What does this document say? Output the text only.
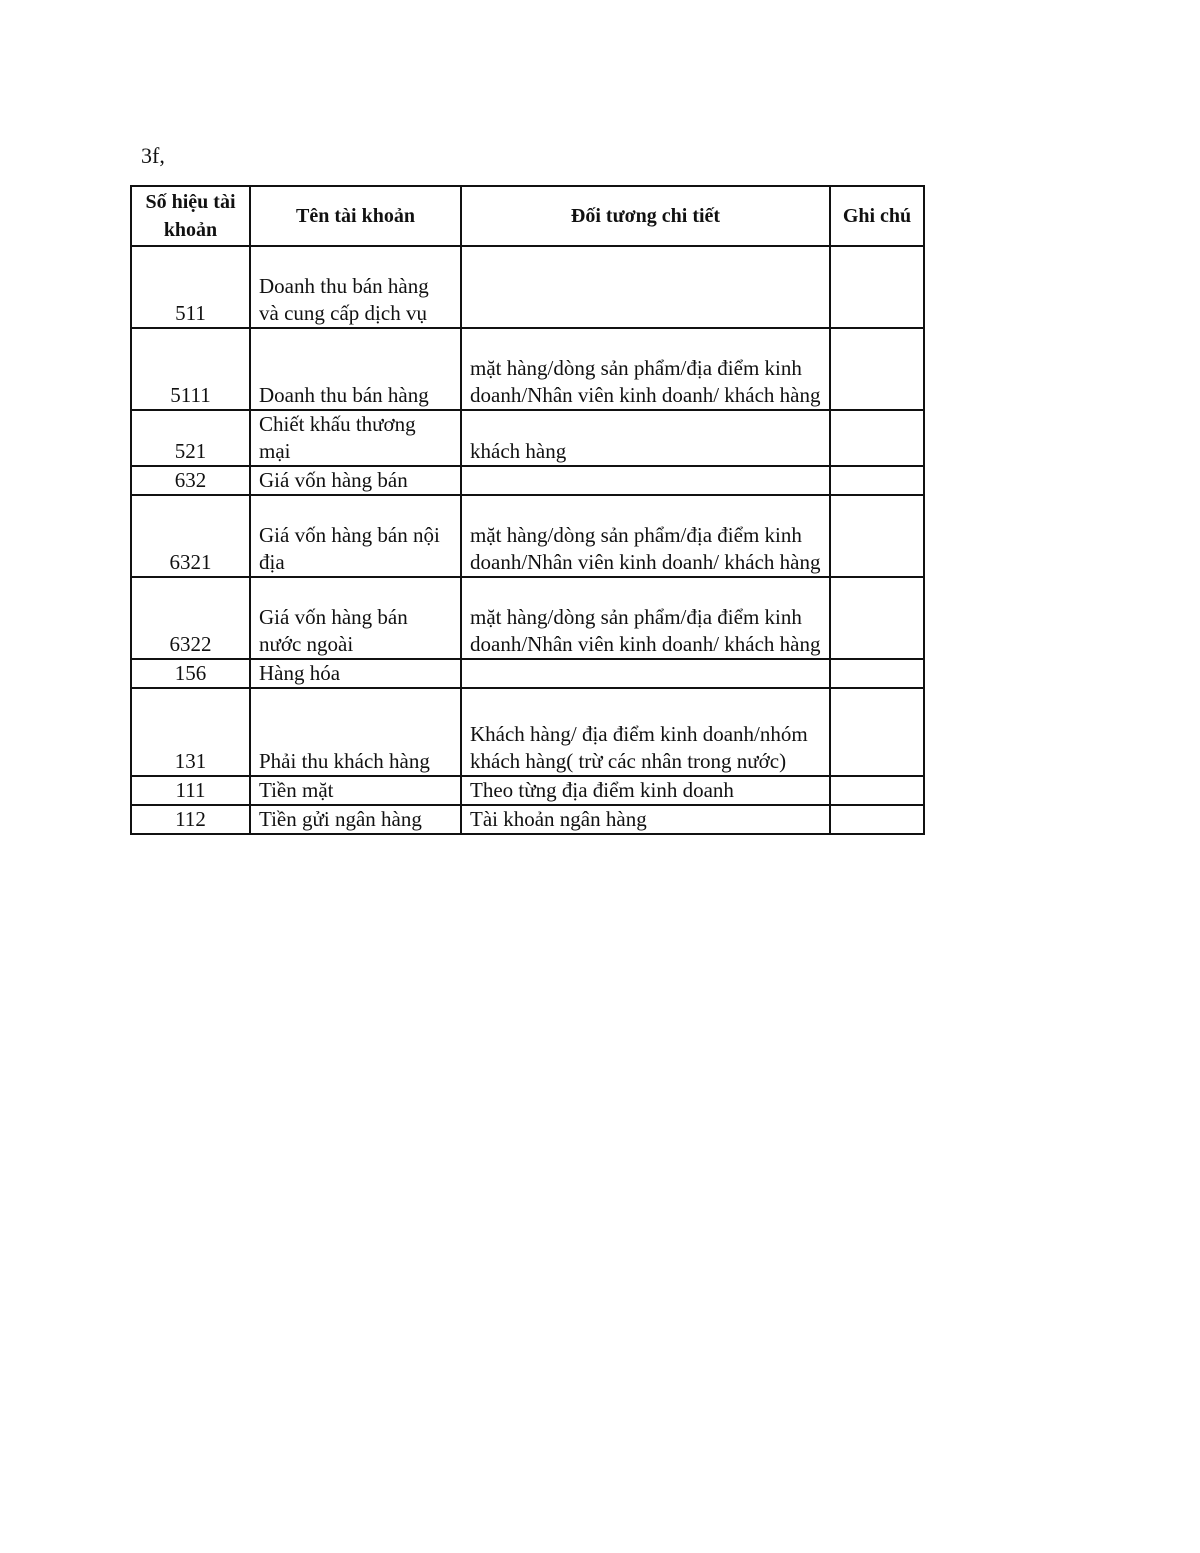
3f,
Số hiệu tài khoản	Tên tài khoản	Đối tương chi tiết	Ghi chú
511	Doanh thu bán hàng và cung cấp dịch vụ		
5111	Doanh thu bán hàng	mặt hàng/dòng sản phẩm/địa điểm kinh doanh/Nhân viên kinh doanh/ khách hàng	
521	Chiết khấu thương mại	khách hàng	
632	Giá vốn hàng bán		
6321	Giá vốn hàng bán nội địa	mặt hàng/dòng sản phẩm/địa điểm kinh doanh/Nhân viên kinh doanh/ khách hàng	
6322	Giá vốn hàng bán nước ngoài	mặt hàng/dòng sản phẩm/địa điểm kinh doanh/Nhân viên kinh doanh/ khách hàng	
156	Hàng hóa		
131	Phải thu khách hàng	Khách hàng/ địa điểm kinh doanh/nhóm khách hàng( trừ các nhân trong nước)	
111	Tiền mặt	Theo từng địa điểm kinh doanh	
112	Tiền gửi ngân hàng	Tài khoản ngân hàng	
